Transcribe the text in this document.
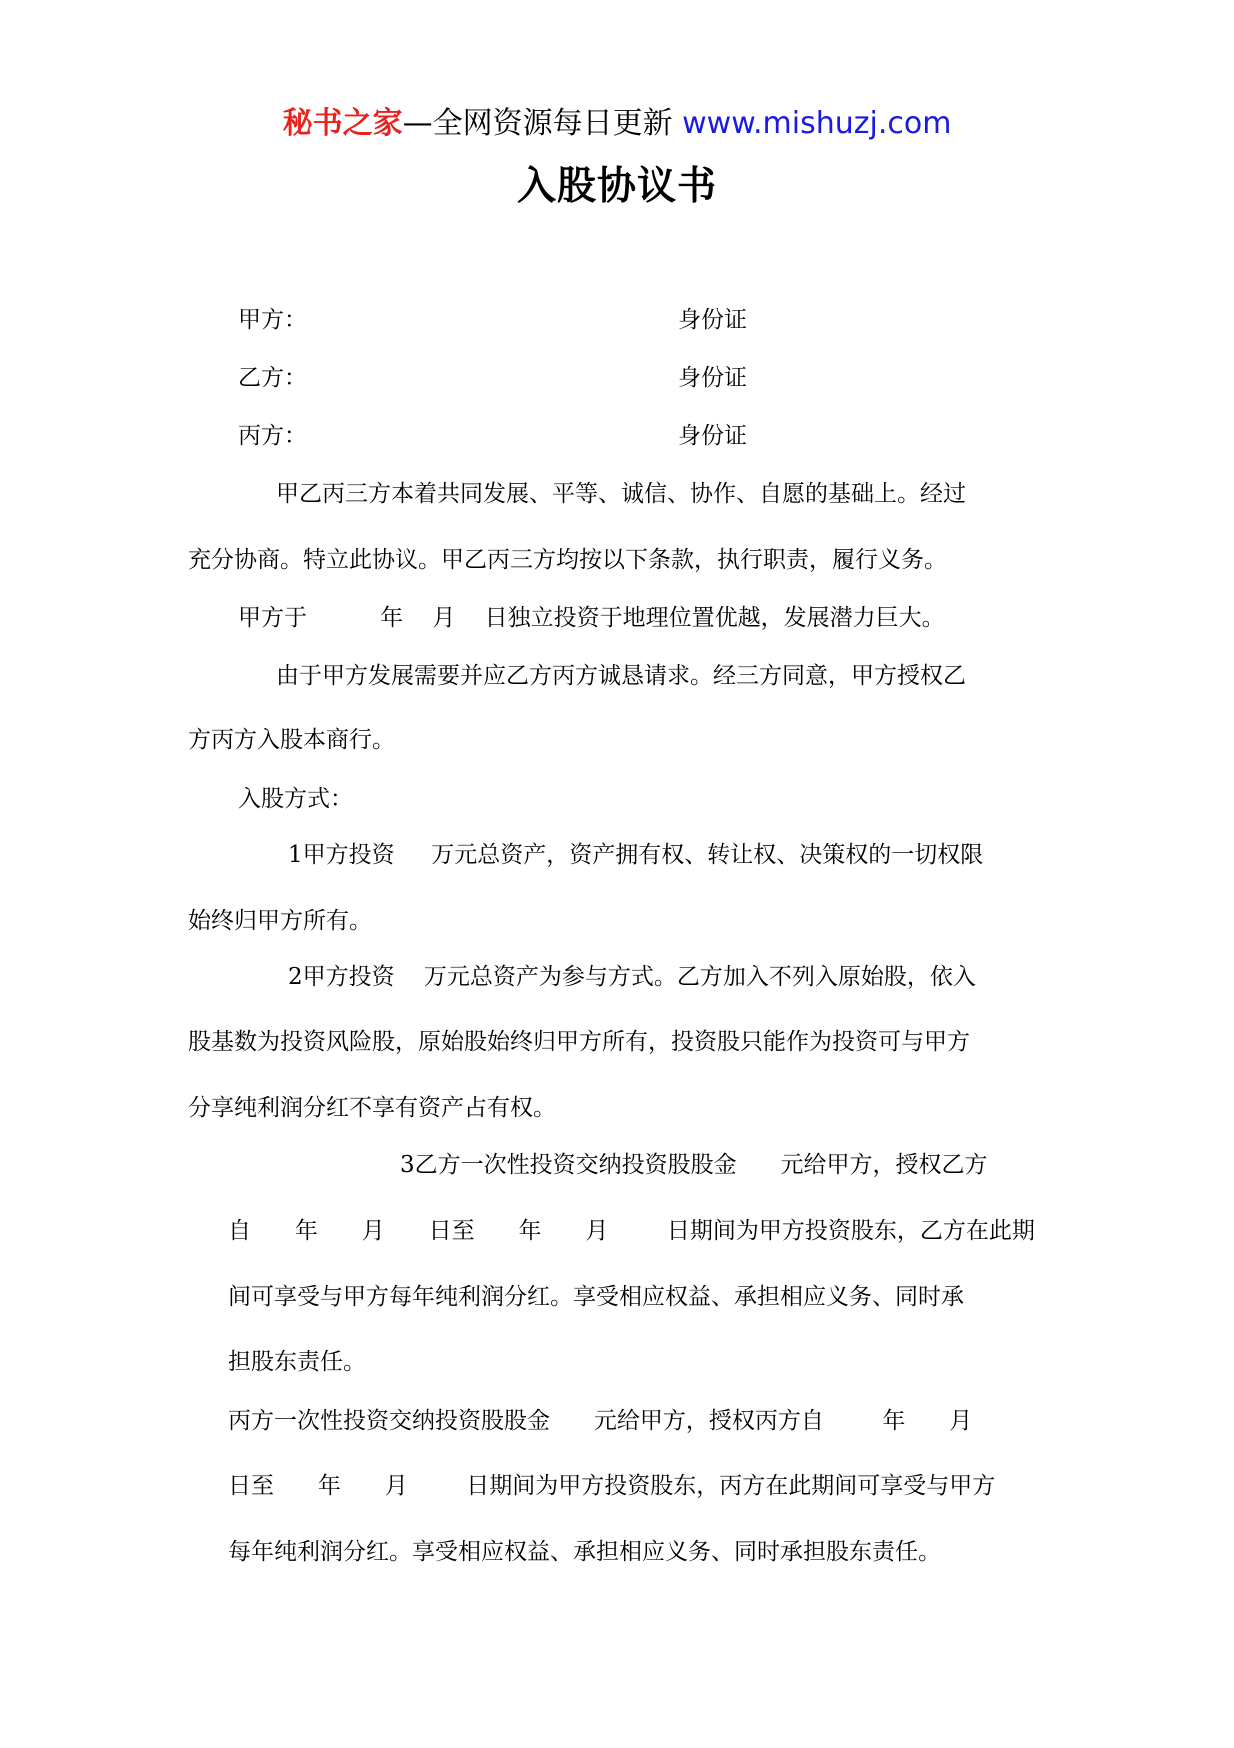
秘书之家—全网资源每日更新 www.mishuzj.com
入股协议书
甲方：	身份证
乙方：	身份证
丙方：	身份证
甲乙丙三方本着共同发展、平等、诚信、协作、自愿的基础上。经过
充分协商。特立此协议。甲乙丙三方均按以下条款，执行职责，履行义务。
甲方于          年    月    日独立投资于地理位置优越，发展潜力巨大。
由于甲方发展需要并应乙方丙方诚恳请求。经三方同意，甲方授权乙
方丙方入股本商行。
入股方式：
1甲方投资     万元总资产，资产拥有权、转让权、决策权的一切权限
始终归甲方所有。
2甲方投资    万元总资产为参与方式。乙方加入不列入原始股，依入
股基数为投资风险股，原始股始终归甲方所有，投资股只能作为投资可与甲方
分享纯利润分红不享有资产占有权。
3乙方一次性投资交纳投资股股金      元给甲方，授权乙方
自      年      月      日至      年      月        日期间为甲方投资股东，乙方在此期
间可享受与甲方每年纯利润分红。享受相应权益、承担相应义务、同时承
担股东责任。
丙方一次性投资交纳投资股股金      元给甲方，授权丙方自        年      月
日至      年      月        日期间为甲方投资股东，丙方在此期间可享受与甲方
每年纯利润分红。享受相应权益、承担相应义务、同时承担股东责任。
